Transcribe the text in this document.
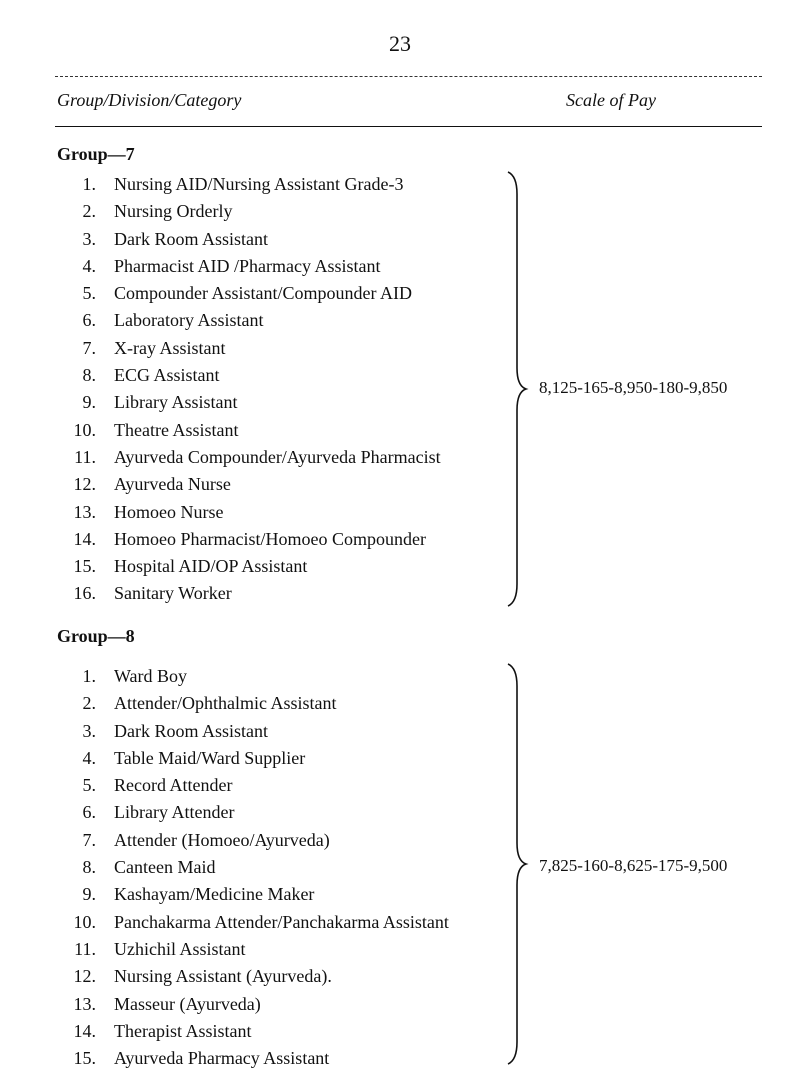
23
Group/Division/Category	Scale of Pay
Group—7
1. Nursing AID/Nursing Assistant Grade-3
2. Nursing Orderly
3. Dark Room Assistant
4. Pharmacist AID /Pharmacy Assistant
5. Compounder Assistant/Compounder AID
6. Laboratory Assistant
7. X-ray Assistant
8. ECG Assistant
9. Library Assistant
10. Theatre Assistant
11. Ayurveda Compounder/Ayurveda Pharmacist
12. Ayurveda Nurse
13. Homoeo Nurse
14. Homoeo Pharmacist/Homoeo Compounder
15. Hospital AID/OP Assistant
16. Sanitary Worker
8,125-165-8,950-180-9,850
Group—8
1. Ward Boy
2. Attender/Ophthalmic Assistant
3. Dark Room Assistant
4. Table Maid/Ward Supplier
5. Record Attender
6. Library Attender
7. Attender (Homoeo/Ayurveda)
8. Canteen Maid
9. Kashayam/Medicine Maker
10. Panchakarma Attender/Panchakarma Assistant
11. Uzhichil Assistant
12. Nursing Assistant (Ayurveda).
13. Masseur (Ayurveda)
14. Therapist Assistant
15. Ayurveda Pharmacy Assistant
7,825-160-8,625-175-9,500
